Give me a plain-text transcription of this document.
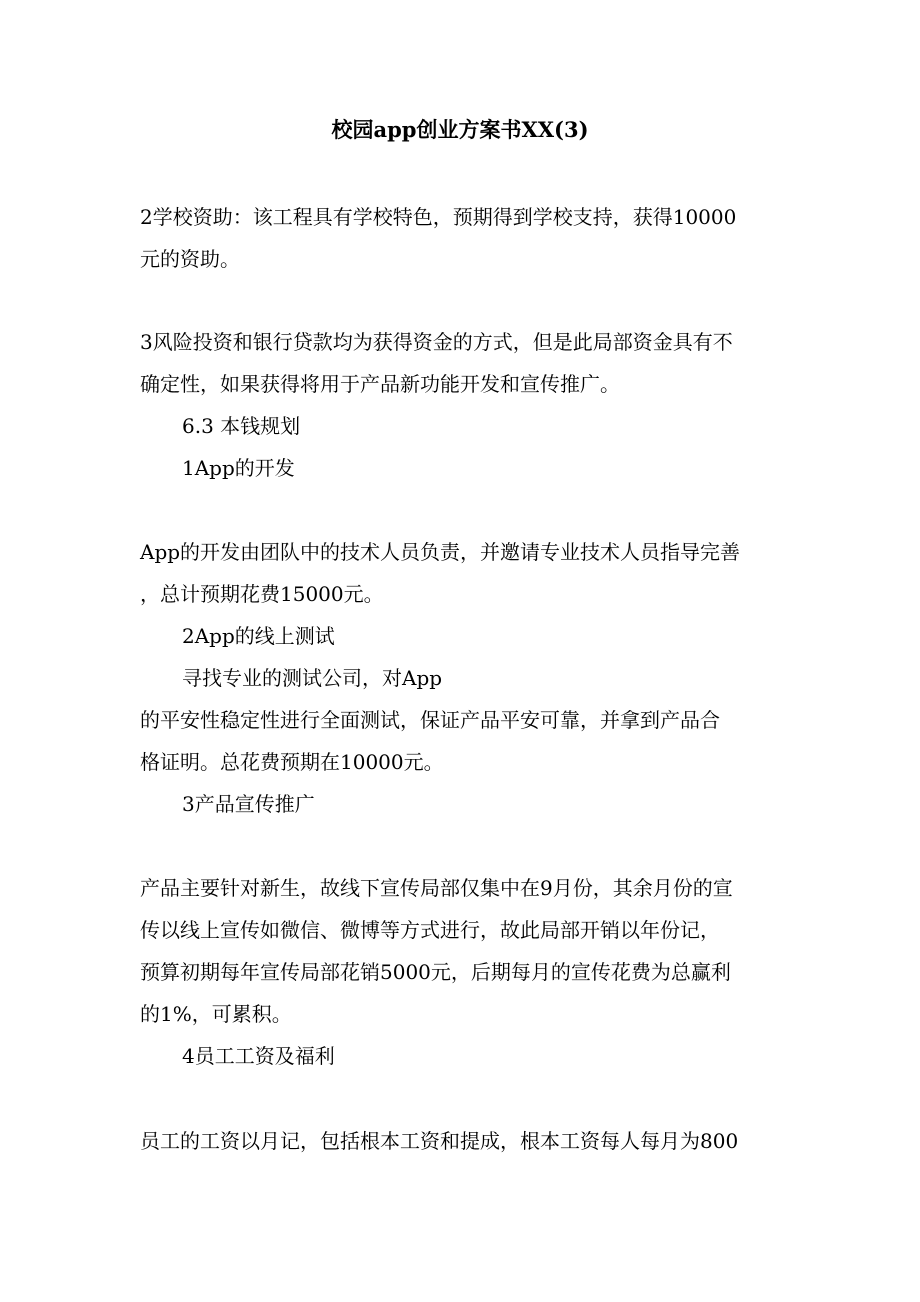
校园app创业方案书XX(3)
2学校资助：该工程具有学校特色，预期得到学校支持，获得10000
元的资助。
3风险投资和银行贷款均为获得资金的方式，但是此局部资金具有不
确定性，如果获得将用于产品新功能开发和宣传推广。
6.3 本钱规划
1App的开发
App的开发由团队中的技术人员负责，并邀请专业技术人员指导完善
，总计预期花费15000元。
2App的线上测试
寻找专业的测试公司，对App
的平安性稳定性进行全面测试，保证产品平安可靠，并拿到产品合
格证明。总花费预期在10000元。
3产品宣传推广
产品主要针对新生，故线下宣传局部仅集中在9月份，其余月份的宣
传以线上宣传如微信、微博等方式进行，故此局部开销以年份记，
预算初期每年宣传局部花销5000元，后期每月的宣传花费为总赢利
的1%，可累积。
4员工工资及福利
员工的工资以月记，包括根本工资和提成，根本工资每人每月为800
